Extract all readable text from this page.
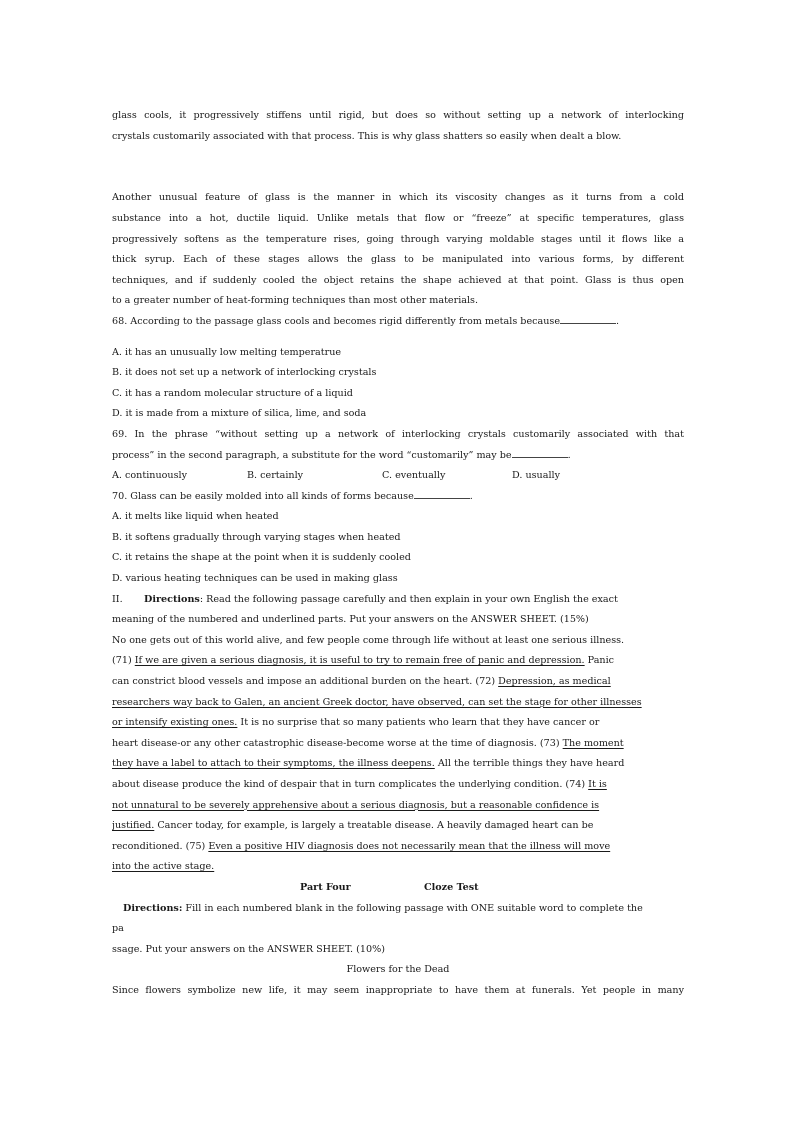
glass cools, it progressively stiffens until rigid, but does so without setting up a network of interlocking
crystals customarily associated with that process. This is why glass shatters so easily when dealt a blow.
Another unusual feature of glass is the manner in which its viscosity changes as it turns from a cold
substance into a hot, ductile liquid. Unlike metals that flow or “freeze” at specific temperatures, glass
progressively softens as the temperature rises, going through varying moldable stages until it flows like a
thick syrup. Each of these stages allows the glass to be manipulated into various forms, by different
techniques, and if suddenly cooled the object retains the shape achieved at that point. Glass is thus open
to a greater number of heat-forming techniques than most other materials.
68. According to the passage glass cools and becomes rigid differently from metals because	.
A. it has an unusually low melting temperatrue
B. it does not set up a network of interlocking crystals
C. it has a random molecular structure of a liquid
D. it is made from a mixture of silica, lime, and soda
69. In the phrase “without setting up a network of interlocking crystals customarily associated with that
process” in the second paragraph, a substitute for the word “customarily” may be	.
A. continuously	B. certainly	C. eventually	D. usually
70. Glass can be easily molded into all kinds of forms because	.
A. it melts like liquid when heated
B. it softens gradually through varying stages when heated
C. it retains the shape at the point when it is suddenly cooled
D. various heating techniques can be used in making glass
II. Directions: Read the following passage carefully and then explain in your own English the exact
meaning of the numbered and underlined parts. Put your answers on the ANSWER SHEET. (15%)
No one gets out of this world alive, and few people come through life without at least one serious illness.
(71) If we are given a serious diagnosis, it is useful to try to remain free of panic and depression. Panic
can constrict blood vessels and impose an additional burden on the heart. (72) Depression, as medical
researchers way back to Galen, an ancient Greek doctor, have observed, can set the stage for other illnesses
or intensify existing ones. It is no surprise that so many patients who learn that they have cancer or
heart disease-or any other catastrophic disease-become worse at the time of diagnosis. (73) The moment
they have a label to attach to their symptoms, the illness deepens. All the terrible things they have heard
about disease produce the kind of despair that in turn complicates the underlying condition. (74) It is
not unnatural to be severely apprehensive about a serious diagnosis, but a reasonable confidence is
justified. Cancer today, for example, is largely a treatable disease. A heavily damaged heart can be
reconditioned. (75) Even a positive HIV diagnosis does not necessarily mean that the illness will move
into the active stage.
Part Four	Cloze Test
Directions: Fill in each numbered blank in the following passage with ONE suitable word to complete the
pa
ssage. Put your answers on the ANSWER SHEET. (10%)
Flowers for the Dead
Since flowers symbolize new life, it may seem inappropriate to have them at funerals. Yet people in many
